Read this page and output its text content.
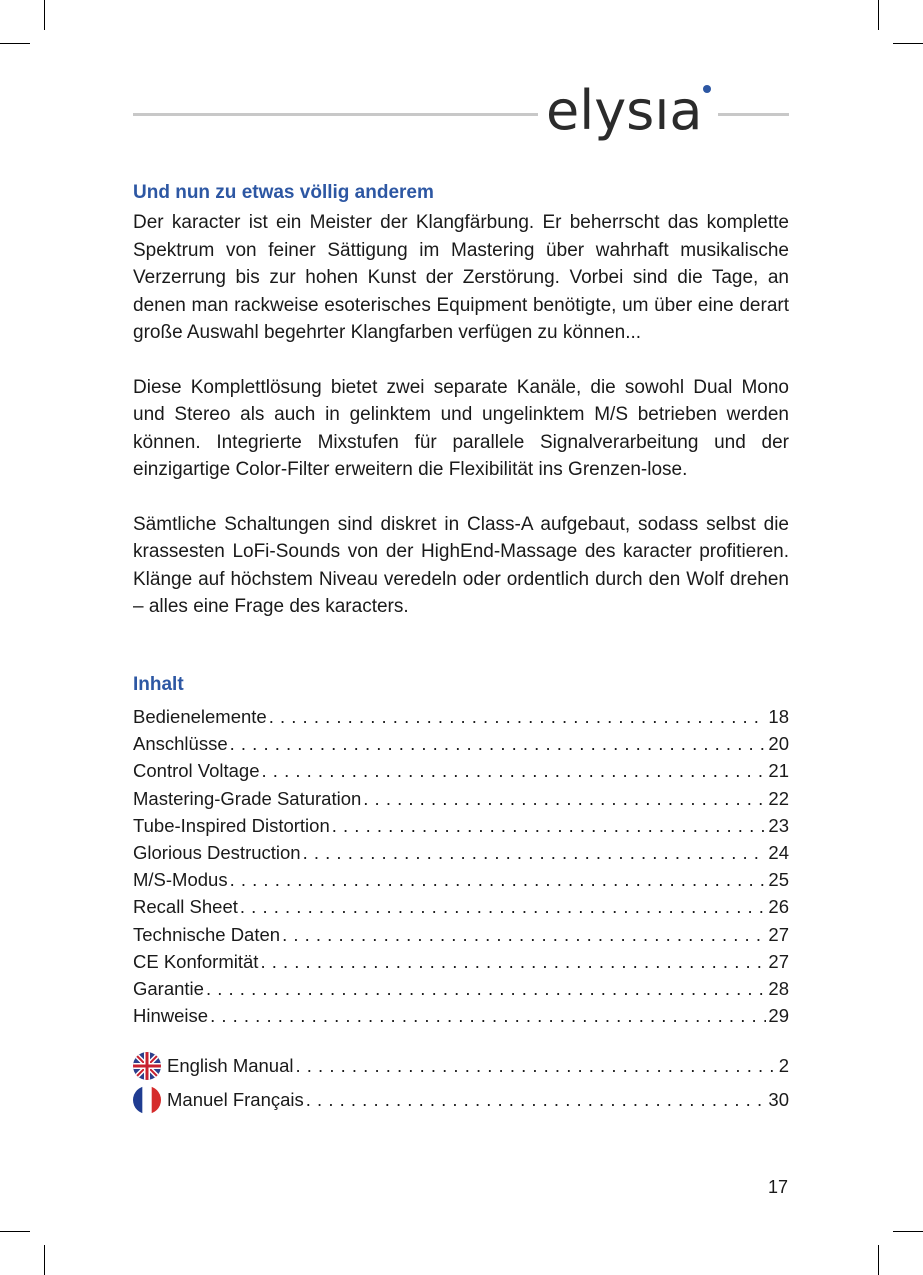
elysıa
Und nun zu etwas völlig anderem

Der karacter ist ein Meister der Klangfärbung. Er beherrscht das komplette Spektrum von feiner Sättigung im Mastering über wahrhaft musikalische Verzerrung bis zur hohen Kunst der Zerstörung. Vorbei sind die Tage, an denen man rackweise esoterisches Equipment benötigte, um über eine derart große Auswahl begehrter Klangfarben verfügen zu können...

Diese Komplettlösung bietet zwei separate Kanäle, die sowohl Dual Mono und Stereo als auch in gelinktem und ungelinktem M/S betrieben werden können. Integrierte Mixstufen für parallele Signalverarbeitung und der einzigartige Color-Filter erweitern die Flexibilität ins Grenzen-lose.

Sämtliche Schaltungen sind diskret in Class-A aufgebaut, sodass selbst die krassesten LoFi-Sounds von der HighEnd-Massage des karacter profitieren. Klänge auf höchstem Niveau veredeln oder ordentlich durch den Wolf drehen – alles eine Frage des karacters.

Inhalt
Bedienelemente . . .	18
Anschlüsse . . .	20
Control Voltage . . .	21
Mastering-Grade Saturation . . .	22
Tube-Inspired Distortion . . .	23
Glorious Destruction . . .	24
M/S-Modus . . .	25
Recall Sheet . . .	26
Technische Daten . . .	27
CE Konformität . . .	27
Garantie . . .	28
Hinweise . . .	29
English Manual . . .	2
Manuel Français . . .	30
17
